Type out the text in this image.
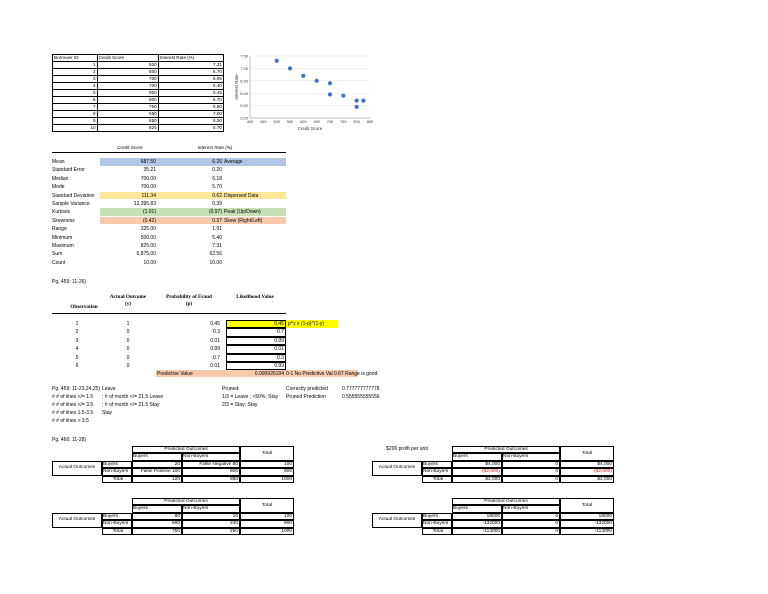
Borrower ID	Credit Score	Interest Rate (%)
1	500	7.31
2	600	6.70
3	700	5.95
4	700	6.40
5	800	5.45
6	800	5.70
7	750	5.90
8	550	7.00
9	650	6.50
10	825	5.70
5.00
5.50
6.00
6.50
7.00
7.50
400 450 500 550 600 650 700 750 800 850
Credit Score
Interest Rate
Credit Score	Interest Rate (%)
Mean	687.50	6.26 Average
Standard Error	35.21	0.20
Median	700.00	6.18
Mode	700.00	5.70
Standard Deviation	111.34	0.62 Dispersed Data
Sample Variance	12,395.83	0.39
Kurtosis	(1.01)	(0.97) Peak (Up/Down)
Skewness	(0.42)	0.37 Skew (Right/Left)
Range	325.00	1.91
Minimum	500.00	5.40
Maximum	825.00	7.31
Sum	6,875.00	62.56
Count	10.00	10.00
Pg. 459: 11-26)
Observation
Actual Outcome
(y)
Probability of Fraud
(p)
Likelihood Value
1	1	0.45	0.45 p^y x (1-p)^(1-y)
2	0	0.3	0.7
3	0	0.01	0.99
4	0	0.99	0.01
5	0	0.7	0.3
6	0	0.01	0.99
Predictive Value	0.000926194 0-1 No Predictive Val 0.67 Range is good
Pg. 459: 11-23,24,25) Leave
# # of lines </= 1.5 ; # of month </= 21.5 Leave
# # of lines </= 3.5 ; # of month </= 21.5 Stay
# # of lines 1.5-3.5 Stay
# # of lines > 3.5
Pruned:
1/3 = Leave ; <50%; Stay
2/3 = Stay; Stay
Correctly predicted
Pruned Prediction
0.777777777778
0.555555555556
Pg. 460: 11-28)
$200 profit per unit
Predicted Outcomes
Total
Buyers	Non-Buyers
Actual Outcomes
Buyers	20	False Negative 80	100
Non-Buyers	False Positive 100	800	900
Total	120	880	1000
Predicted Outcomes
Total
Buyers	Non-Buyers
Actual Outcomes
Buyers	$4,000	0	$4,000
Non-Buyers	($2,000)	0	($2,000)
Total	$2,000	0	$2,000
Predicted Outcomes
Total
Buyers	Non-Buyers
Actual Outcomes
Buyers	90	10	100
Non-Buyers	660	240	900
Total	750	250	1000
Predicted Outcomes
Total
Buyers	Non-Buyers
Actual Outcomes
Buyers	18000	0	18000
Non-Buyers	-132000	0	-132000
Total	-114000	0	-114000
